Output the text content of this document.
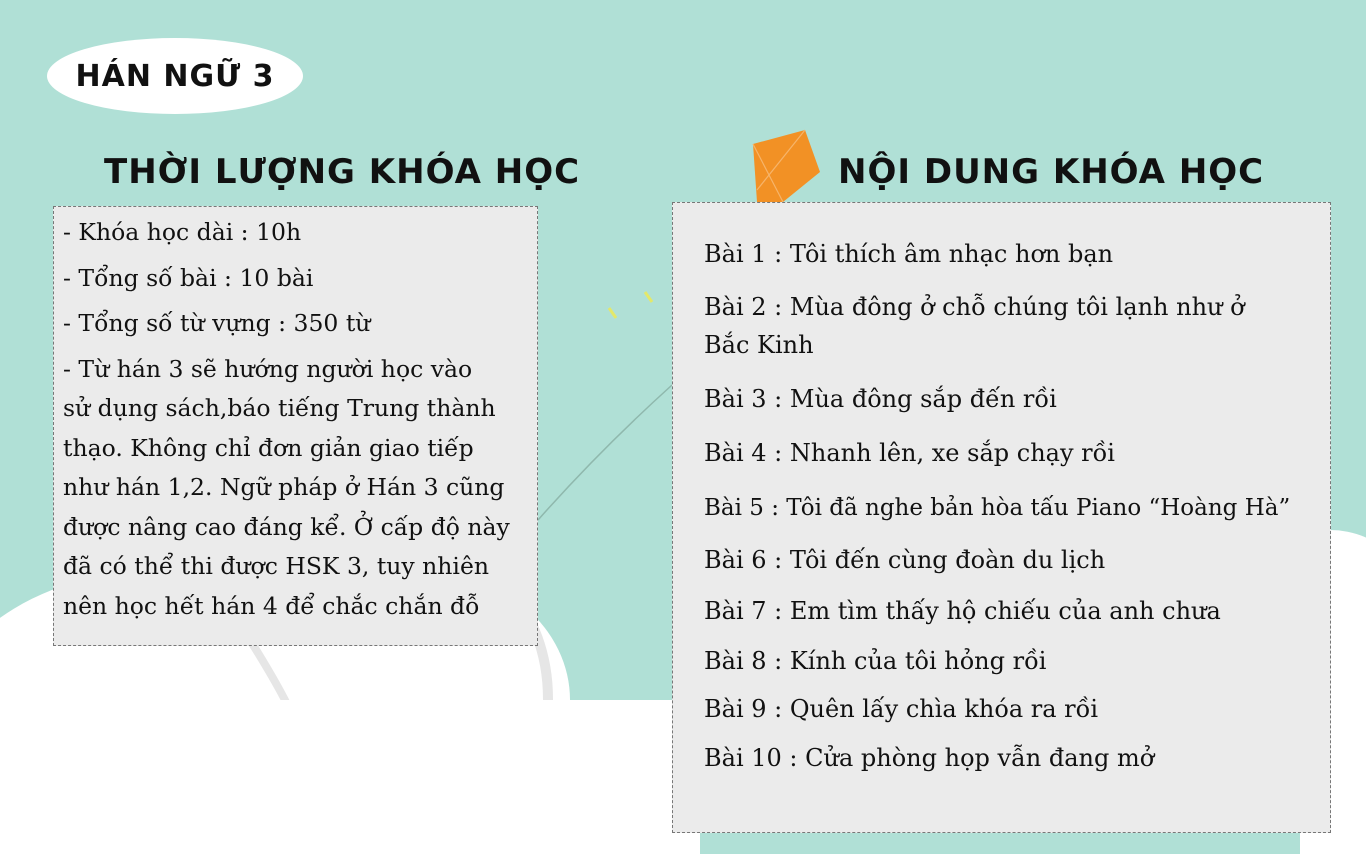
HÁN NGỮ 3
THỜI LƯỢNG KHÓA HỌC	NỘI DUNG KHÓA HỌC
- Khóa học dài : 10h
- Tổng số bài : 10 bài
- Tổng số từ vựng : 350 từ
- Từ hán 3 sẽ hướng người học vào
sử dụng sách,báo tiếng Trung thành
thạo. Không chỉ đơn giản giao tiếp
như hán 1,2. Ngữ pháp ở Hán 3 cũng
được nâng cao đáng kể. Ở cấp độ này
đã có thể thi được HSK 3, tuy nhiên
nên học hết hán 4 để chắc chắn đỗ
Bài 1 : Tôi thích âm nhạc hơn bạn
Bài 2 : Mùa đông ở chỗ chúng tôi lạnh như ở
Bắc Kinh
Bài 3 : Mùa đông sắp đến rồi
Bài 4 : Nhanh lên, xe sắp chạy rồi
Bài 5 : Tôi đã nghe bản hòa tấu Piano “Hoàng Hà”
Bài 6 : Tôi đến cùng đoàn du lịch
Bài 7 : Em tìm thấy hộ chiếu của anh chưa
Bài 8 : Kính của tôi hỏng rồi
Bài 9 : Quên lấy chìa khóa ra rồi
Bài 10 : Cửa phòng họp vẫn đang mở
